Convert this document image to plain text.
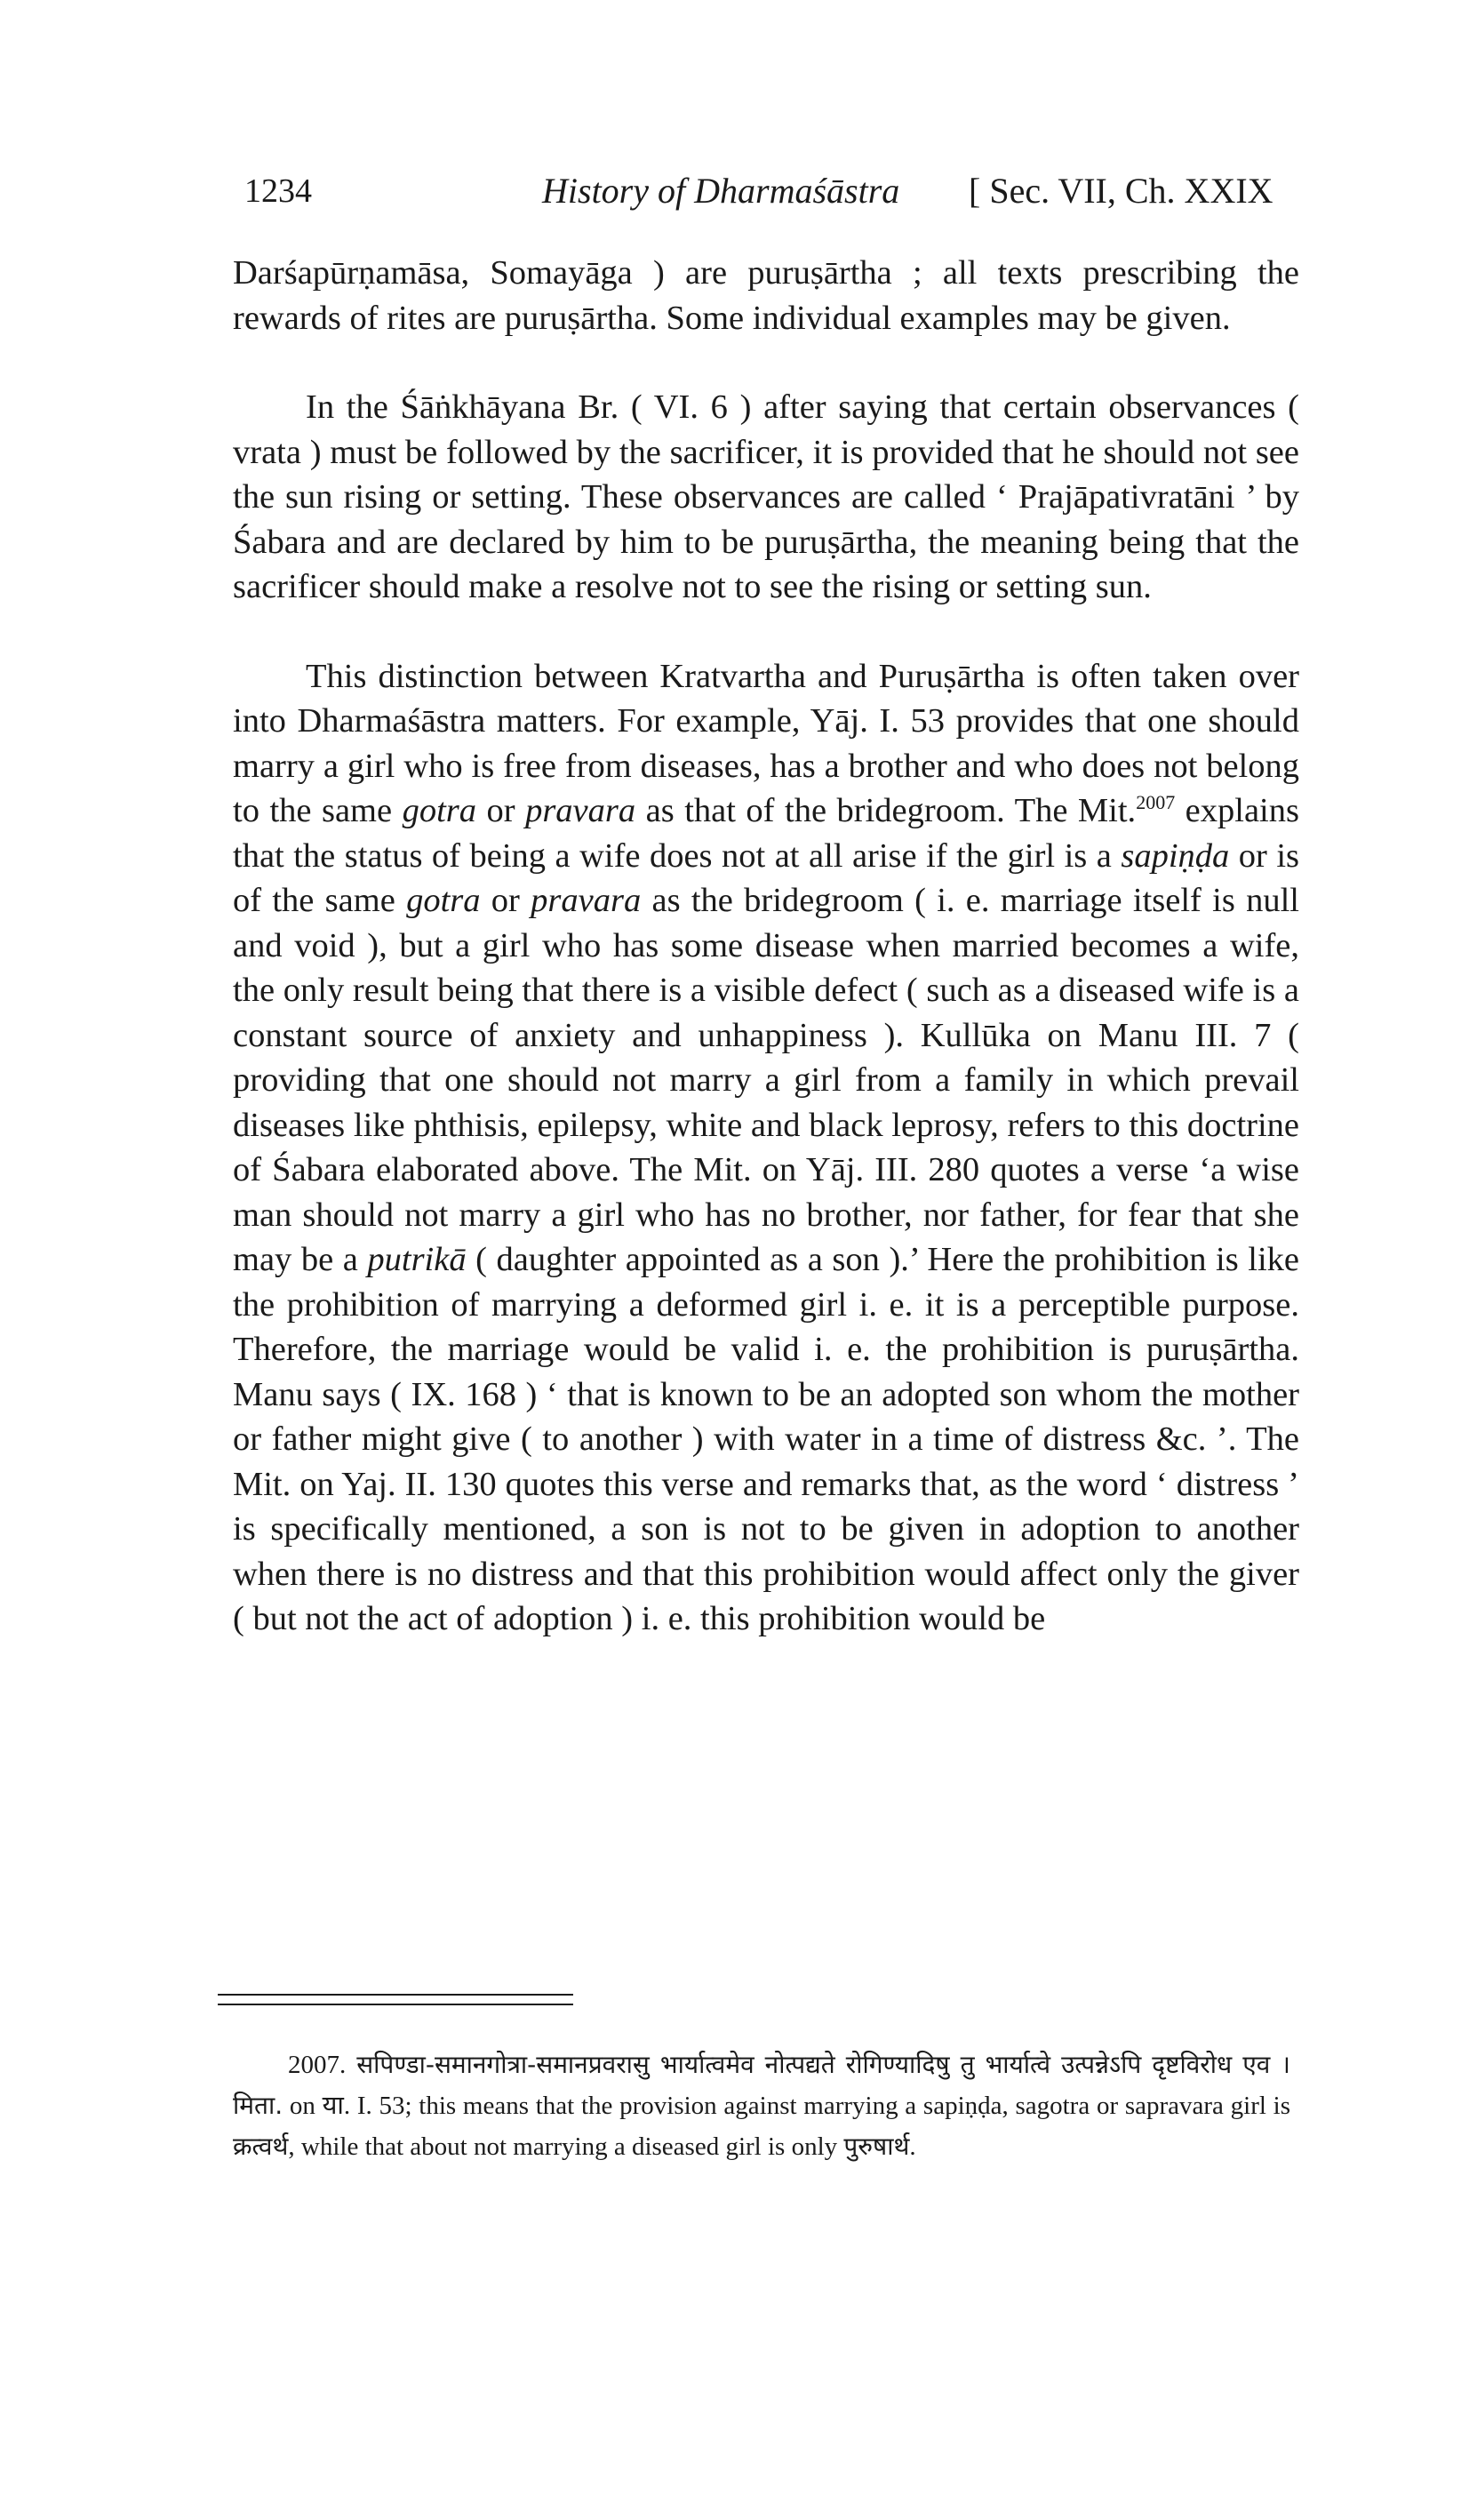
1234	History of Dharmaśāstra [ Sec. VII, Ch. XXIX

Darśapūrṇamāsa, Somayāga ) are puruṣārtha ; all texts prescribing the rewards of rites are puruṣārtha. Some individual examples may be given.

In the Śāṅkhāyana Br. ( VI. 6 ) after saying that certain observances ( vrata ) must be followed by the sacrificer, it is provided that he should not see the sun rising or setting. These observances are called ‘ Prajāpativratāni ’ by Śabara and are declared by him to be puruṣārtha, the meaning being that the sacrificer should make a resolve not to see the rising or setting sun.

This distinction between Kratvartha and Puruṣārtha is often taken over into Dharmaśāstra matters. For example, Yāj. I. 53 provides that one should marry a girl who is free from diseases, has a brother and who does not belong to the same gotra or pravara as that of the bridegroom. The Mit.$^{2007}$ explains that the status of being a wife does not at all arise if the girl is a sapiṇḍa or is of the same gotra or pravara as the bridegroom ( i. e. marriage itself is null and void ), but a girl who has some disease when married becomes a wife, the only result being that there is a visible defect ( such as a diseased wife is a constant source of anxiety and unhappiness ). Kullūka on Manu III. 7 ( providing that one should not marry a girl from a family in which prevail diseases like phthisis, epilepsy, white and black leprosy, refers to this doctrine of Śabara elaborated above. The Mit. on Yāj. III. 280 quotes a verse ‘a wise man should not marry a girl who has no brother, nor father, for fear that she may be a putrikā ( daughter appointed as a son ).’ Here the prohibition is like the prohibition of marrying a deformed girl i. e. it is a perceptible purpose. Therefore, the marriage would be valid i. e. the prohibition is puruṣārtha. Manu says ( IX. 168 ) ‘ that is known to be an adopted son whom the mother or father might give ( to another ) with water in a time of distress &c. ’. The Mit. on Yaj. II. 130 quotes this verse and remarks that, as the word ‘ distress ’ is specifically mentioned, a son is not to be given in adoption to another when there is no distress and that this prohibition would affect only the giver ( but not the act of adoption ) i. e. this prohibition would be

2007. सपिण्डा-समानगोत्रा-समानप्रवरासु भार्यात्वमेव नोत्पद्यते रोगिण्यादिषु तु भार्यात्वे उत्पन्नेऽपि दृष्टविरोध एव । मिता. on या. I. 53; this means that the provision against marrying a sapiṇḍa, sagotra or sapravara girl is क्रत्वर्थ, while that about not marrying a diseased girl is only पुरुषार्थ.
